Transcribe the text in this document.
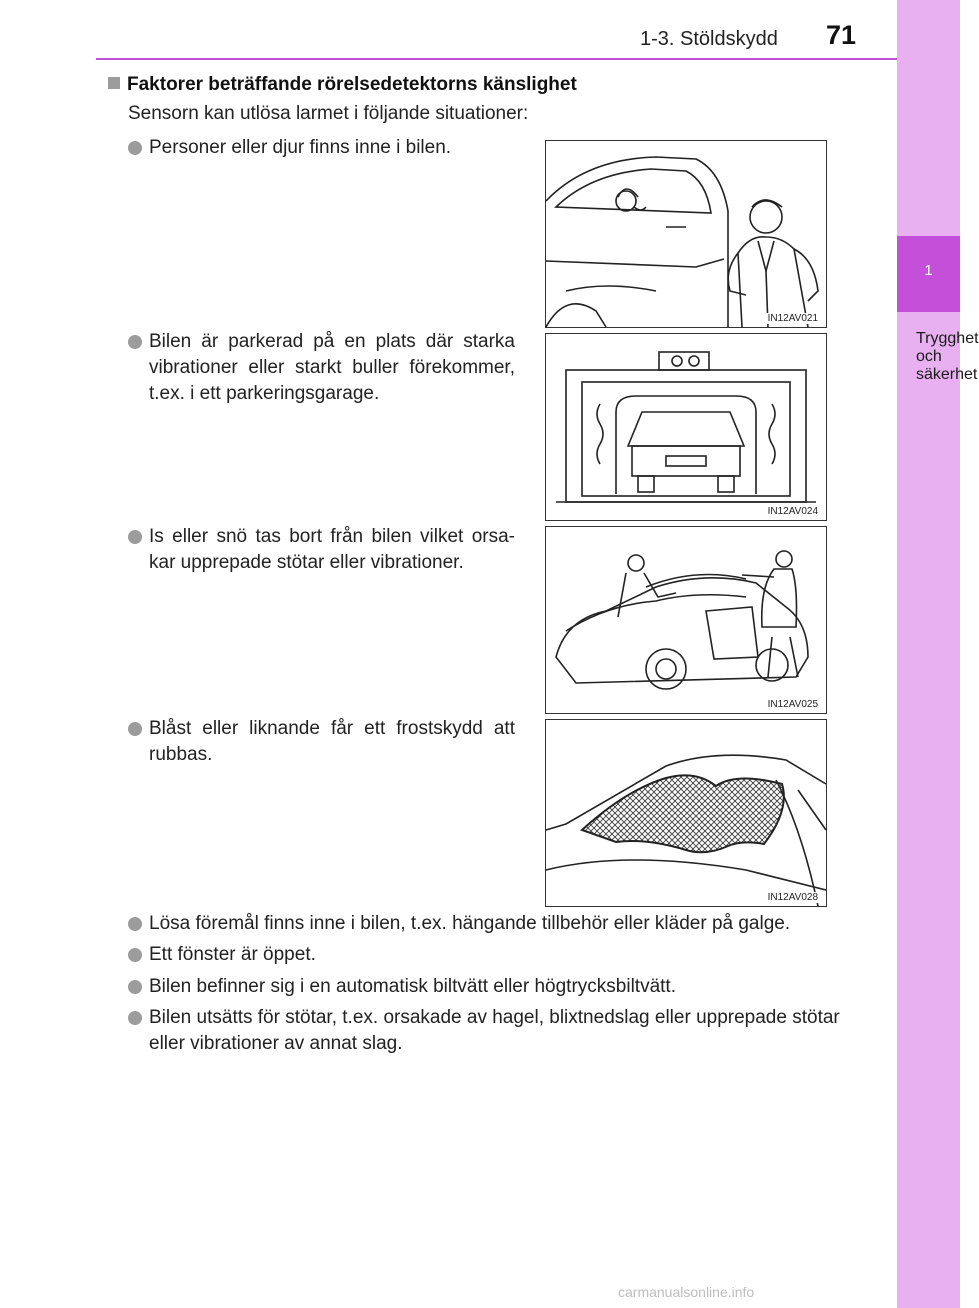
1
Trygghet och säkerhet
1-3. Stöldskydd 71
Faktorer beträffande rörelsedetektorns känslighet
Sensorn kan utlösa larmet i följande situationer:
Personer eller djur finns inne i bilen.
Bilen är parkerad på en plats där starka vibrationer eller starkt buller förekommer, t.ex. i ett parkeringsgarage.
Is eller snö tas bort från bilen vilket orsa-kar upprepade stötar eller vibrationer.
Blåst eller liknande får ett frostskydd att rubbas.
IN12AV021
IN12AV024
IN12AV025
IN12AV028
Lösa föremål finns inne i bilen, t.ex. hängande tillbehör eller kläder på galge.
Ett fönster är öppet.
Bilen befinner sig i en automatisk biltvätt eller högtrycksbiltvätt.
Bilen utsätts för stötar, t.ex. orsakade av hagel, blixtnedslag eller upprepade stötar eller vibrationer av annat slag.
carmanualsonline.info
